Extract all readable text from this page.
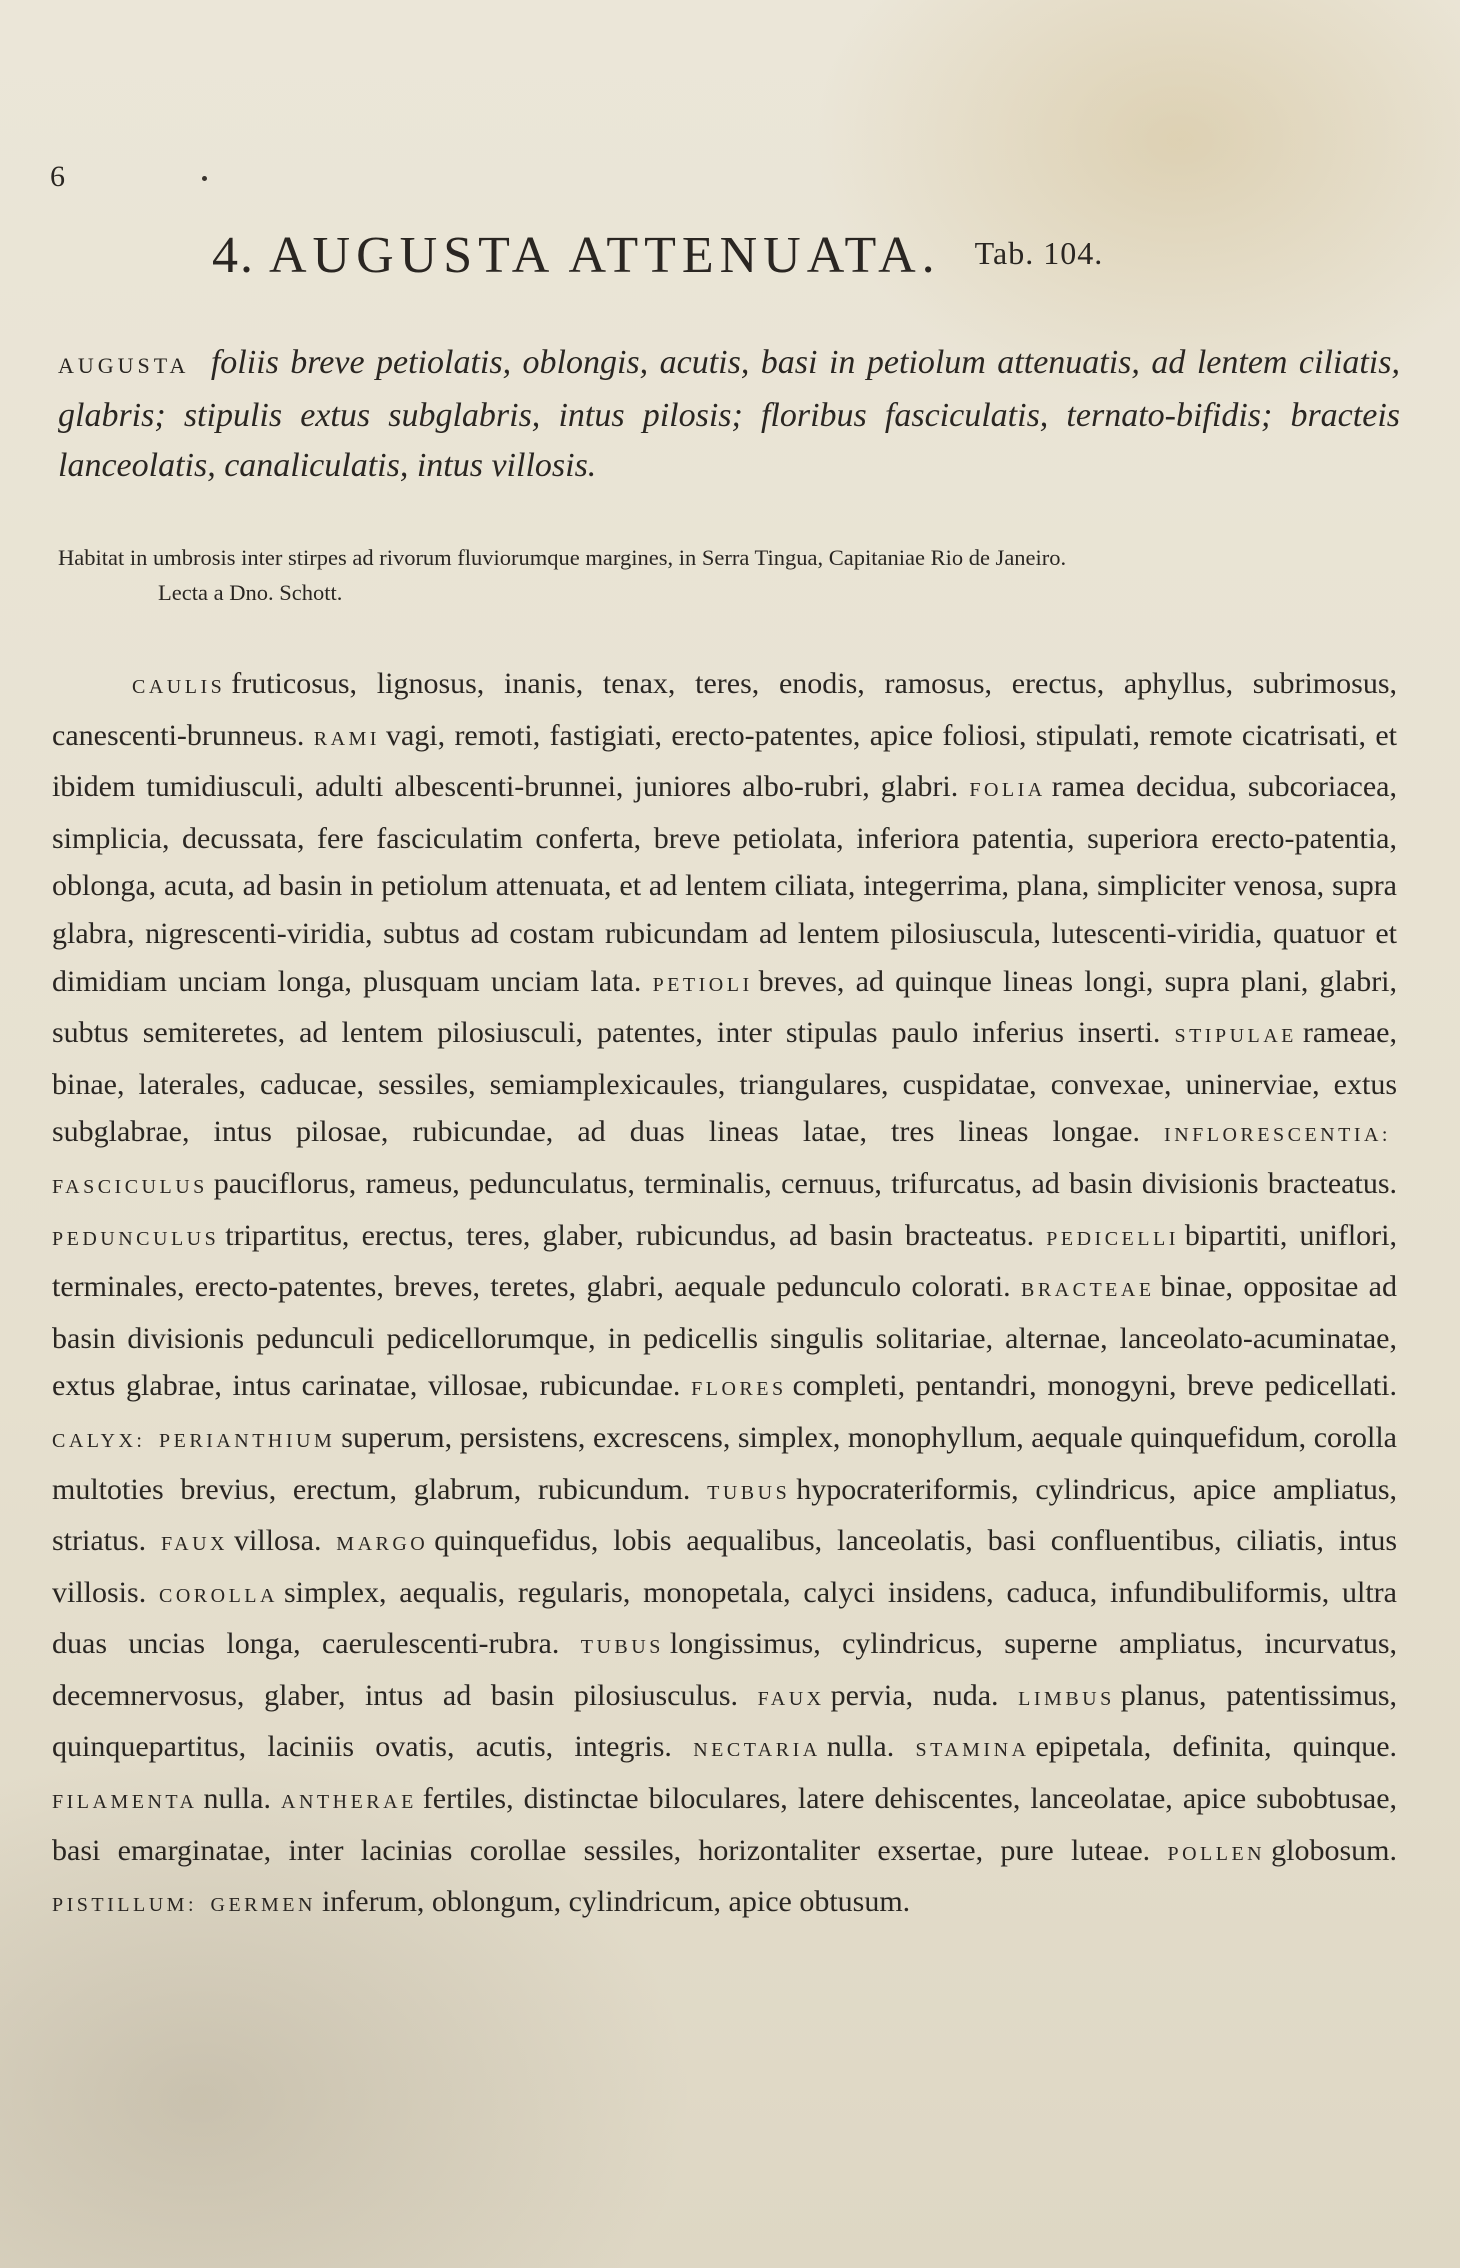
6
4. AUGUSTA ATTENUATA. Tab. 104.
AUGUSTA foliis breve petiolatis, oblongis, acutis, basi in petiolum attenuatis, ad lentem ciliatis, glabris; stipulis extus subglabris, intus pilosis; floribus fasciculatis, ternato-bifidis; bracteis lanceolatis, canaliculatis, intus villosis.
Habitat in umbrosis inter stirpes ad rivorum fluviorumque margines, in Serra Tingua, Capitaniae Rio de Janeiro.
Lecta a Dno. Schott.
CAULIS fruticosus, lignosus, inanis, tenax, teres, enodis, ramosus, erectus, aphyllus, subrimosus, canescenti-brunneus. RAMI vagi, remoti, fastigiati, erecto-patentes, apice foliosi, stipulati, remote cicatrisati, et ibidem tumidiusculi, adulti albescenti-brunnei, juniores albo-rubri, glabri. FOLIA ramea decidua, subcoriacea, simplicia, decussata, fere fasciculatim conferta, breve petiolata, inferiora patentia, superiora erecto-patentia, oblonga, acuta, ad basin in petiolum attenuata, et ad lentem ciliata, integerrima, plana, simpliciter venosa, supra glabra, nigrescenti-viridia, subtus ad costam rubicundam ad lentem pilosiuscula, lutescenti-viridia, quatuor et dimidiam unciam longa, plusquam unciam lata. PETIOLI breves, ad quinque lineas longi, supra plani, glabri, subtus semiteretes, ad lentem pilosiusculi, patentes, inter stipulas paulo inferius inserti. STIPULAE rameae, binae, laterales, caducae, sessiles, semiamplexicaules, triangulares, cuspidatae, convexae, uninerviae, extus subglabrae, intus pilosae, rubicundae, ad duas lineas latae, tres lineas longae. INFLORESCENTIA: FASCICULUS pauciflorus, rameus, pedunculatus, terminalis, cernuus, trifurcatus, ad basin divisionis bracteatus. PEDUNCULUS tripartitus, erectus, teres, glaber, rubicundus, ad basin bracteatus. PEDICELLI bipartiti, uniflori, terminales, erecto-patentes, breves, teretes, glabri, aequale pedunculo colorati. BRACTEAE binae, oppositae ad basin divisionis pedunculi pedicellorumque, in pedicellis singulis solitariae, alternae, lanceolato-acuminatae, extus glabrae, intus carinatae, villosae, rubicundae. FLORES completi, pentandri, monogyni, breve pedicellati. CALYX: PERIANTHIUM superum, persistens, excrescens, simplex, monophyllum, aequale quinquefidum, corolla multoties brevius, erectum, glabrum, rubicundum. TUBUS hypocrateriformis, cylindricus, apice ampliatus, striatus. FAUX villosa. MARGO quinquefidus, lobis aequalibus, lanceolatis, basi confluentibus, ciliatis, intus villosis. COROLLA simplex, aequalis, regularis, monopetala, calyci insidens, caduca, infundibuliformis, ultra duas uncias longa, caerulescenti-rubra. TUBUS longissimus, cylindricus, superne ampliatus, incurvatus, decemnervosus, glaber, intus ad basin pilosiusculus. FAUX pervia, nuda. LIMBUS planus, patentissimus, quinquepartitus, laciniis ovatis, acutis, integris. NECTARIA nulla. STAMINA epipetala, definita, quinque. FILAMENTA nulla. ANTHERAE fertiles, distinctae biloculares, latere dehiscentes, lanceolatae, apice subobtusae, basi emarginatae, inter lacinias corollae sessiles, horizontaliter exsertae, pure luteae. POLLEN globosum. PISTILLUM: GERMEN inferum, oblongum, cylindricum, apice obtusum.
